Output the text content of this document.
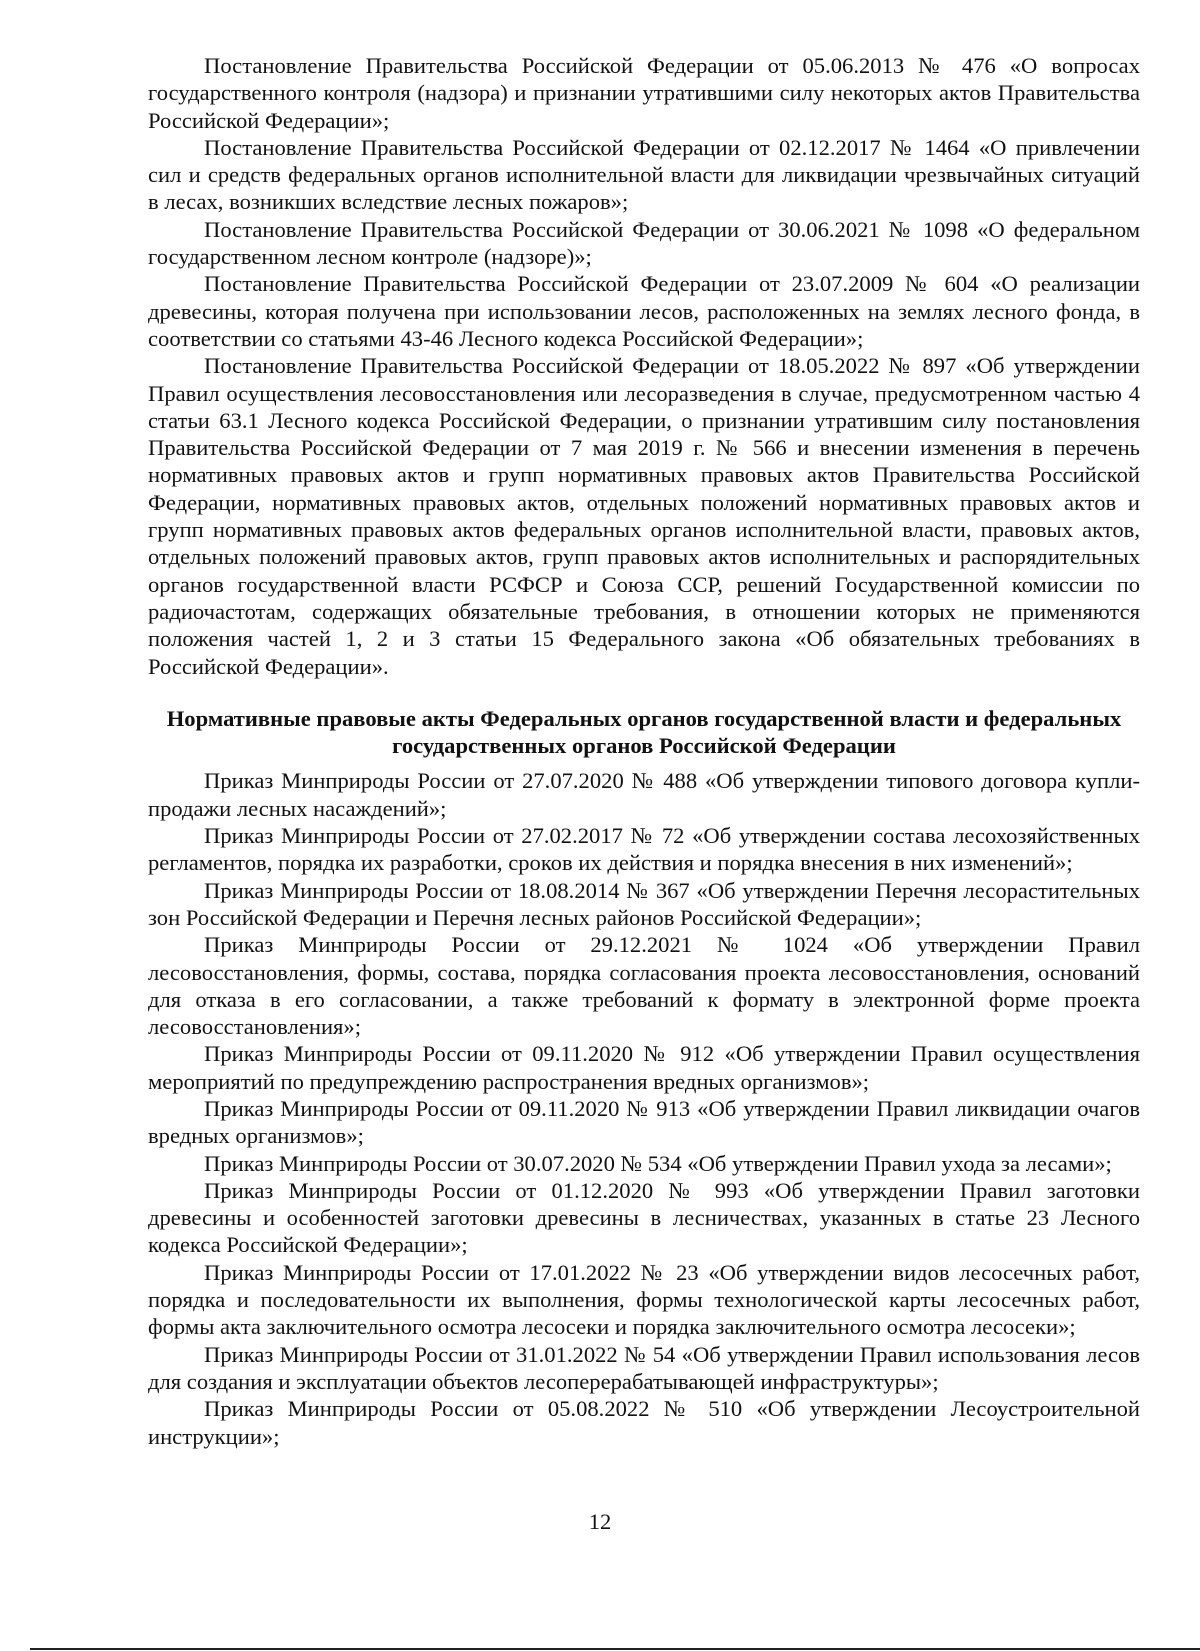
Постановление Правительства Российской Федерации от 05.06.2013 № 476 «О вопросах государственного контроля (надзора) и признании утратившими силу некоторых актов Правительства Российской Федерации»;

Постановление Правительства Российской Федерации от 02.12.2017 № 1464 «О привлечении сил и средств федеральных органов исполнительной власти для ликвидации чрезвычайных ситуаций в лесах, возникших вследствие лесных пожаров»;

Постановление Правительства Российской Федерации от 30.06.2021 № 1098 «О федеральном государственном лесном контроле (надзоре)»;

Постановление Правительства Российской Федерации от 23.07.2009 № 604 «О реализации древесины, которая получена при использовании лесов, расположенных на землях лесного фонда, в соответствии со статьями 43-46 Лесного кодекса Российской Федерации»;

Постановление Правительства Российской Федерации от 18.05.2022 № 897 «Об утверждении Правил осуществления лесовосстановления или лесоразведения в случае, предусмотренном частью 4 статьи 63.1 Лесного кодекса Российской Федерации, о признании утратившим силу постановления Правительства Российской Федерации от 7 мая 2019 г. № 566 и внесении изменения в перечень нормативных правовых актов и групп нормативных правовых актов Правительства Российской Федерации, нормативных правовых актов, отдельных положений нормативных правовых актов и групп нормативных правовых актов федеральных органов исполнительной власти, правовых актов, отдельных положений правовых актов, групп правовых актов исполнительных и распорядительных органов государственной власти РСФСР и Союза ССР, решений Государственной комиссии по радиочастотам, содержащих обязательные требования, в отношении которых не применяются положения частей 1, 2 и 3 статьи 15 Федерального закона «Об обязательных требованиях в Российской Федерации».

Нормативные правовые акты Федеральных органов государственной власти и федеральных государственных органов Российской Федерации

Приказ Минприроды России от 27.07.2020 № 488 «Об утверждении типового договора купли-продажи лесных насаждений»;

Приказ Минприроды России от 27.02.2017 № 72 «Об утверждении состава лесохозяйственных регламентов, порядка их разработки, сроков их действия и порядка внесения в них изменений»;

Приказ Минприроды России от 18.08.2014 № 367 «Об утверждении Перечня лесорастительных зон Российской Федерации и Перечня лесных районов Российской Федерации»;

Приказ Минприроды России от 29.12.2021 № 1024 «Об утверждении Правил лесовосстановления, формы, состава, порядка согласования проекта лесовосстановления, оснований для отказа в его согласовании, а также требований к формату в электронной форме проекта лесовосстановления»;

Приказ Минприроды России от 09.11.2020 № 912 «Об утверждении Правил осуществления мероприятий по предупреждению распространения вредных организмов»;

Приказ Минприроды России от 09.11.2020 № 913 «Об утверждении Правил ликвидации очагов вредных организмов»;

Приказ Минприроды России от 30.07.2020 № 534 «Об утверждении Правил ухода за лесами»;

Приказ Минприроды России от 01.12.2020 № 993 «Об утверждении Правил заготовки древесины и особенностей заготовки древесины в лесничествах, указанных в статье 23 Лесного кодекса Российской Федерации»;

Приказ Минприроды России от 17.01.2022 № 23 «Об утверждении видов лесосечных работ, порядка и последовательности их выполнения, формы технологической карты лесосечных работ, формы акта заключительного осмотра лесосеки и порядка заключительного осмотра лесосеки»;

Приказ Минприроды России от 31.01.2022 № 54 «Об утверждении Правил использования лесов для создания и эксплуатации объектов лесоперерабатывающей инфраструктуры»;

Приказ Минприроды России от 05.08.2022 № 510 «Об утверждении Лесоустроительной инструкции»;

12
